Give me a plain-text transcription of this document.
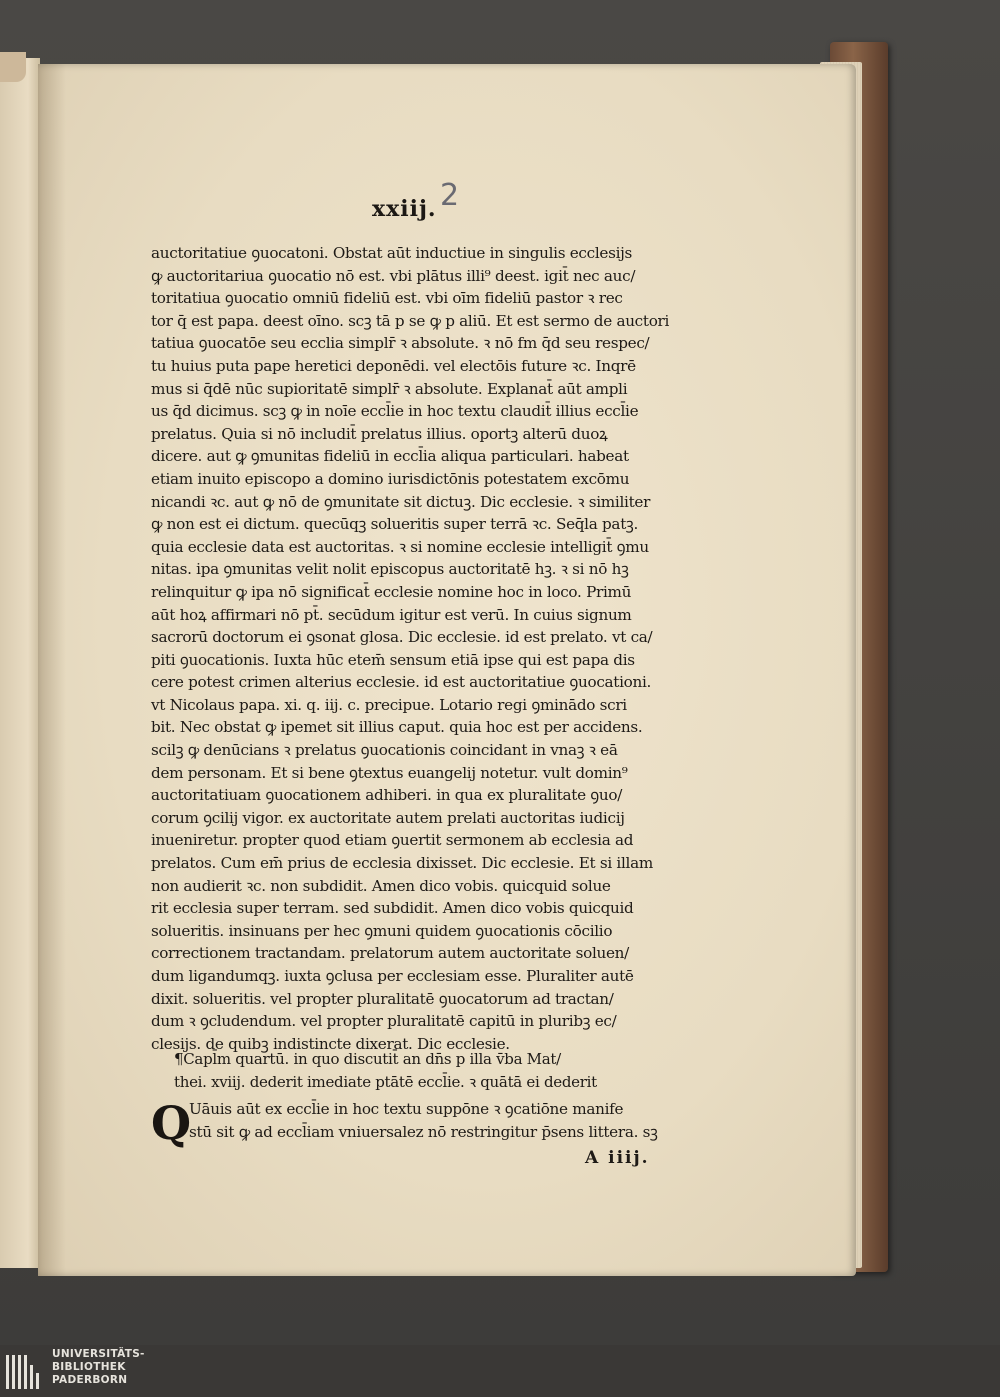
2
xxiij.
auctoritatiue ꝯuocatoni. Obstat aūt inductiue in singulis ecclesijs
ꝙ auctoritariua ꝯuocatio nō est. vbi plātus illi⁹ deest. igit̄ nec auc/
toritatiua ꝯuocatio omniū fideliū est. vbi oīm fideliū pastor ꝛ rec
tor q̄ est papa. deest oīno. scꝫ tā p se ꝙ p aliū. Et est sermo de auctori
tatiua ꝯuocatōe seu ecclia simplr̄ ꝛ absolute. ꝛ nō fm q̄d seu respec/
tu huius puta pape heretici deponēdi. vel electōis future ꝛc. Inqrē
mus si q̄dē nūc supioritatē simplr̄ ꝛ absolute. Explanat̄ aūt ampli
us q̄d dicimus. scꝫ ꝙ in noīe eccl̄ie in hoc textu claudit̄ illius eccl̄ie
prelatus. Quia si nō includit̄ prelatus illius. oportꝫ alterū duoꝝ
dicere. aut ꝙ ꝯmunitas fideliū in eccl̄ia aliqua particulari. habeat
etiam inuito episcopo a domino iurisdictōnis potestatem excōmu
nicandi ꝛc. aut ꝙ nō de ꝯmunitate sit dictuꝫ. Dic ecclesie. ꝛ similiter
ꝙ non est ei dictum. quecūqꝫ solueritis super terrā ꝛc. Seq̄la patꝫ.
quia ecclesie data est auctoritas. ꝛ si nomine ecclesie intelligit̄ ꝯmu
nitas. ipa ꝯmunitas velit nolit episcopus auctoritatē hꝫ. ꝛ si nō hꝫ
relinquitur ꝙ ipa nō significat̄ ecclesie nomine hoc in loco. Primū
aūt hoꝝ affirmari nō pt̄. secūdum igitur est verū. In cuius signum
sacrorū doctorum ei ꝯsonat glosa. Dic ecclesie. id est prelato. vt ca/
piti ꝯuocationis. Iuxta hūc etem̄ sensum etiā ipse qui est papa dis
cere potest crimen alterius ecclesie. id est auctoritatiue ꝯuocationi.
vt Nicolaus papa. xi. q. iij. c. precipue. Lotario regi ꝯminādo scri
bit. Nec obstat ꝙ ipemet sit illius caput. quia hoc est per accidens.
scilꝫ ꝙ denūcians ꝛ prelatus ꝯuocationis coincidant in vnaꝫ ꝛ eā
dem personam. Et si bene ꝯtextus euangelij notetur. vult domin⁹
auctoritatiuam ꝯuocationem adhiberi. in qua ex pluralitate ꝯuo/
corum ꝯcilij vigor. ex auctoritate autem prelati auctoritas iudicij
inueniretur. propter quod etiam ꝯuertit sermonem ab ecclesia ad
prelatos. Cum em̄ prius de ecclesia dixisset. Dic ecclesie. Et si illam
non audierit ꝛc. non subdidit. Amen dico vobis. quicquid solue
rit ecclesia super terram. sed subdidit. Amen dico vobis quicquid
solueritis. insinuans per hec ꝯmuni quidem ꝯuocationis cōcilio
correctionem tractandam. prelatorum autem auctoritate soluen/
dum ligandumqꝫ. iuxta ꝯclusa per ecclesiam esse. Pluraliter autē
dixit. solueritis. vel propter pluralitatē ꝯuocatorum ad tractan/
dum ꝛ ꝯcludendum. vel propter pluralitatē capitū in pluribꝫ ec/
clesijs. de quibꝫ indistincte dixerat. Dic ecclesie.
¶Capl̄m quartū. in quo discutit̄ an dn̄s p illa v̄ba Mat/
thei. xviij. dederit imediate ptātē eccl̄ie. ꝛ quātā ei dederit
Q
Uāuis aūt ex eccl̄ie in hoc textu suppōne ꝛ ꝯcatiōne manife
stū sit ꝙ ad eccl̄iam vniuersalez nō restringitur p̄sens littera. sꝫ
A iiij.
UNIVERSITÄTS-
BIBLIOTHEK
PADERBORN
